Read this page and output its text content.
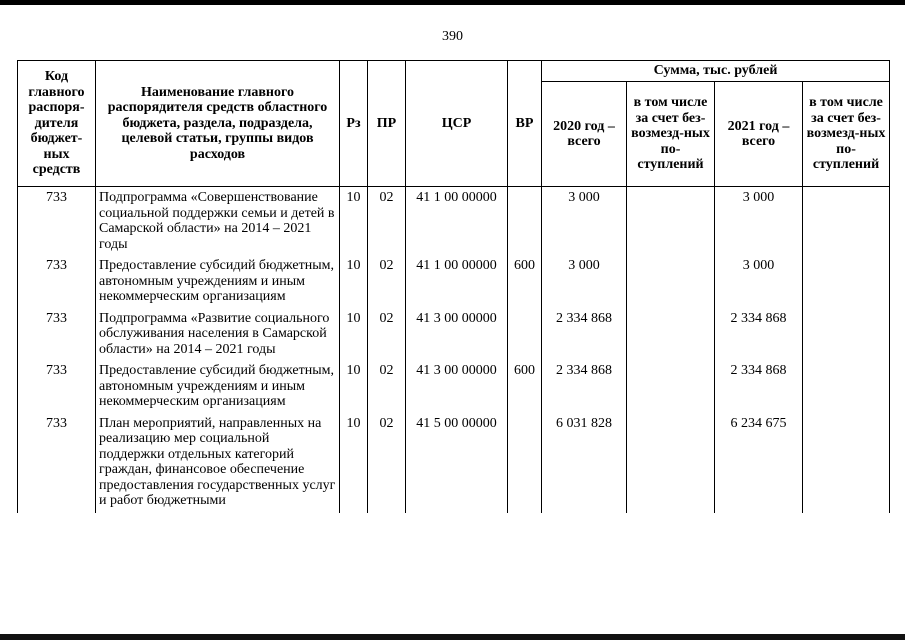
390
Код главного распоря-дителя бюджет-ных средств	Наименование главного распорядителя средств областного бюджета, раздела, подраздела, целевой статьи, группы видов расходов	Рз	ПР	ЦСР	ВР	Сумма, тыс. рублей			
						2020 год – всего	в том числе за счет без-возмезд-ных по-ступлений	2021 год – всего	в том числе за счет без-возмезд-ных по-ступлений
733	Подпрограмма «Совершенствование социальной поддержки семьи и детей в Самарской области» на 2014 – 2021 годы	10	02	41 1 00 00000		3 000		3 000	
733	Предоставление субсидий бюджетным, автономным учреждениям и иным некоммерческим организациям	10	02	41 1 00 00000	600	3 000		3 000	
733	Подпрограмма «Развитие социального обслуживания населения в Самарской области» на 2014 – 2021 годы	10	02	41 3 00 00000		2 334 868		2 334 868	
733	Предоставление субсидий бюджетным, автономным учреждениям и иным некоммерческим организациям	10	02	41 3 00 00000	600	2 334 868		2 334 868	
733	План мероприятий, направленных на реализацию мер социальной поддержки отдельных категорий граждан, финансовое обеспечение предоставления государственных услуг и работ бюджетными	10	02	41 5 00 00000		6 031 828		6 234 675	
